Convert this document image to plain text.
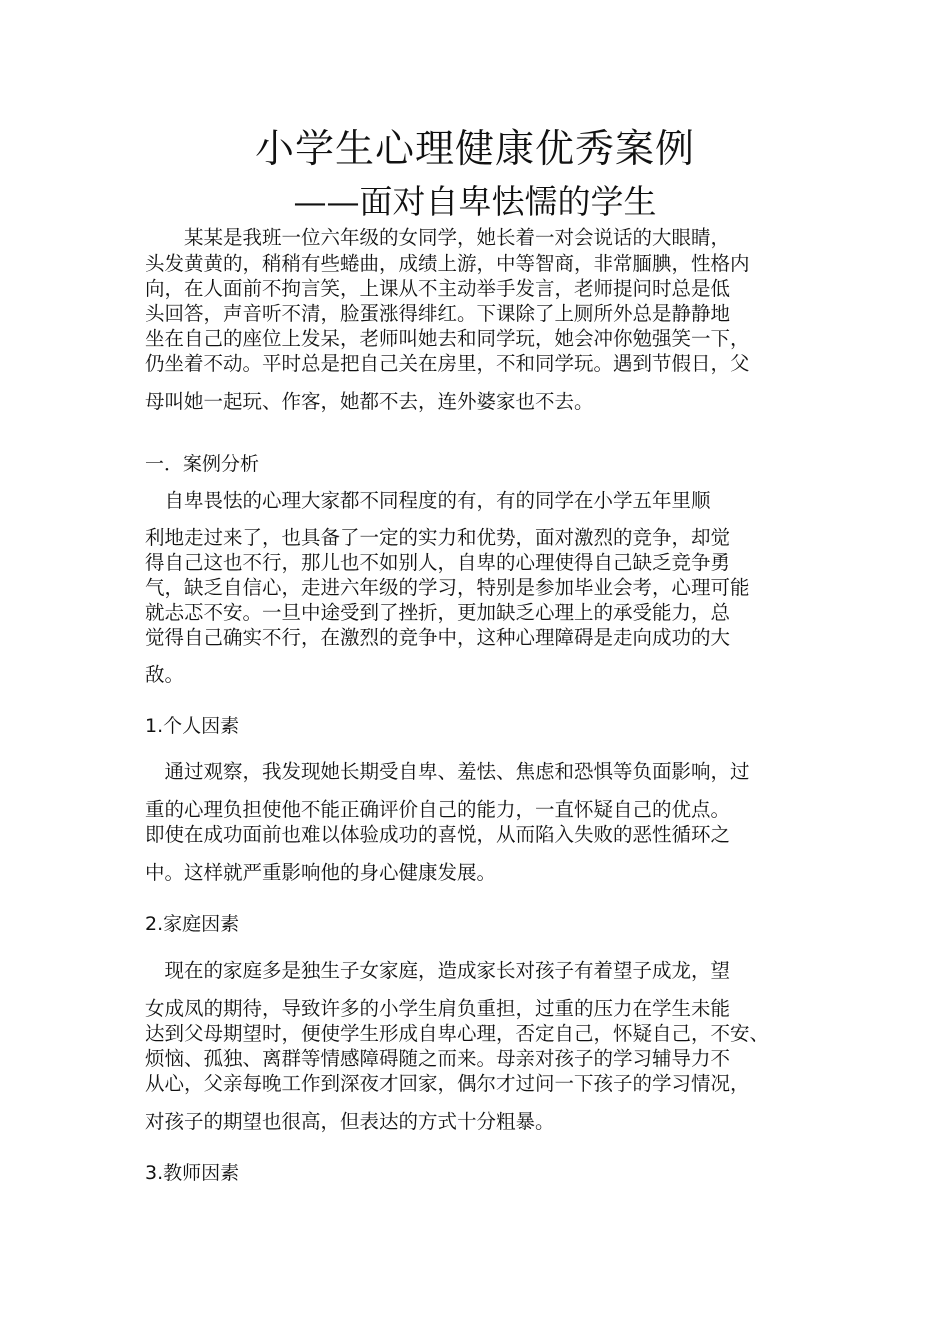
小学生心理健康优秀案例
——面对自卑怯懦的学生
　　某某是我班一位六年级的女同学，她长着一对会说话的大眼睛，
头发黄黄的，稍稍有些蜷曲，成绩上游，中等智商，非常腼腆，性格内
向，在人面前不拘言笑，上课从不主动举手发言，老师提问时总是低
头回答，声音听不清，脸蛋涨得绯红。下课除了上厕所外总是静静地
坐在自己的座位上发呆，老师叫她去和同学玩，她会冲你勉强笑一下，
仍坐着不动。平时总是把自己关在房里，不和同学玩。遇到节假日，父
母叫她一起玩、作客，她都不去，连外婆家也不去。
一．案例分析
　自卑畏怯的心理大家都不同程度的有，有的同学在小学五年里顺
利地走过来了，也具备了一定的实力和优势，面对激烈的竞争，却觉
得自己这也不行，那儿也不如别人，自卑的心理使得自己缺乏竞争勇
气，缺乏自信心，走进六年级的学习，特别是参加毕业会考，心理可能
就忐忑不安。一旦中途受到了挫折，更加缺乏心理上的承受能力，总
觉得自己确实不行，在激烈的竞争中，这种心理障碍是走向成功的大
敌。
1.个人因素
　通过观察，我发现她长期受自卑、羞怯、焦虑和恐惧等负面影响，过
重的心理负担使他不能正确评价自己的能力，一直怀疑自己的优点。
即使在成功面前也难以体验成功的喜悦，从而陷入失败的恶性循环之
中。这样就严重影响他的身心健康发展。
2.家庭因素
　现在的家庭多是独生子女家庭，造成家长对孩子有着望子成龙，望
女成凤的期待，导致许多的小学生肩负重担，过重的压力在学生未能
达到父母期望时，便使学生形成自卑心理，否定自己，怀疑自己，不安、
烦恼、孤独、离群等情感障碍随之而来。母亲对孩子的学习辅导力不
从心，父亲每晚工作到深夜才回家，偶尔才过问一下孩子的学习情况，
对孩子的期望也很高，但表达的方式十分粗暴。
3.教师因素
